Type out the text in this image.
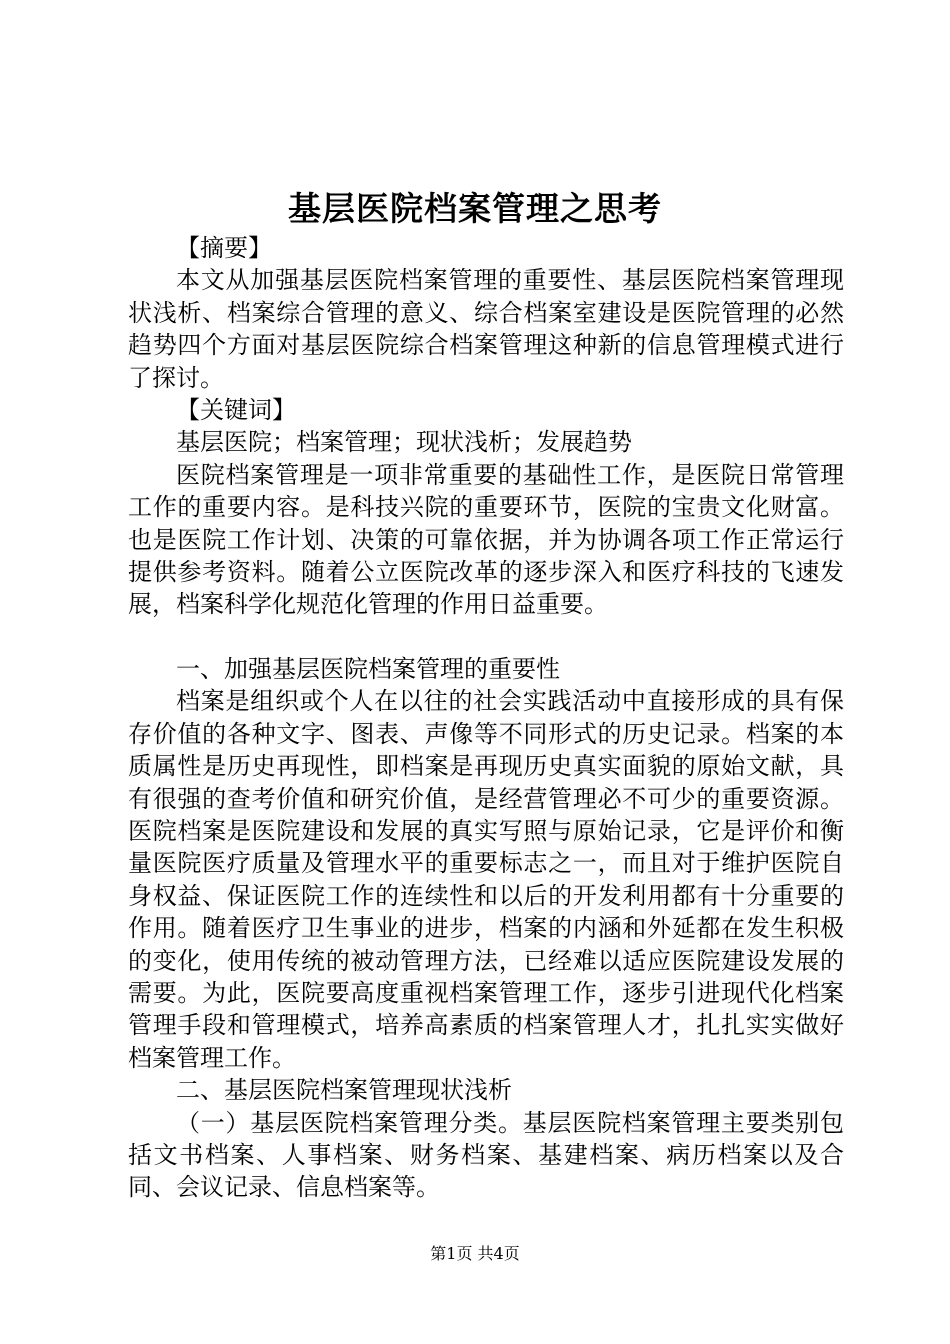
基层医院档案管理之思考

【摘要】

本文从加强基层医院档案管理的重要性、基层医院档案管理现状浅析、档案综合管理的意义、综合档案室建设是医院管理的必然趋势四个方面对基层医院综合档案管理这种新的信息管理模式进行了探讨。

【关键词】

基层医院；档案管理；现状浅析；发展趋势

医院档案管理是一项非常重要的基础性工作，是医院日常管理工作的重要内容。是科技兴院的重要环节，医院的宝贵文化财富。也是医院工作计划、决策的可靠依据，并为协调各项工作正常运行提供参考资料。随着公立医院改革的逐步深入和医疗科技的飞速发展，档案科学化规范化管理的作用日益重要。

一、加强基层医院档案管理的重要性

档案是组织或个人在以往的社会实践活动中直接形成的具有保存价值的各种文字、图表、声像等不同形式的历史记录。档案的本质属性是历史再现性，即档案是再现历史真实面貌的原始文献，具有很强的查考价值和研究价值，是经营管理必不可少的重要资源。医院档案是医院建设和发展的真实写照与原始记录，它是评价和衡量医院医疗质量及管理水平的重要标志之一，而且对于维护医院自身权益、保证医院工作的连续性和以后的开发利用都有十分重要的作用。随着医疗卫生事业的进步，档案的内涵和外延都在发生积极的变化，使用传统的被动管理方法，已经难以适应医院建设发展的需要。为此，医院要高度重视档案管理工作，逐步引进现代化档案管理手段和管理模式，培养高素质的档案管理人才，扎扎实实做好档案管理工作。

二、基层医院档案管理现状浅析

（一）基层医院档案管理分类。基层医院档案管理主要类别包括文书档案、人事档案、财务档案、基建档案、病历档案以及合同、会议记录、信息档案等。

第1页 共4页
